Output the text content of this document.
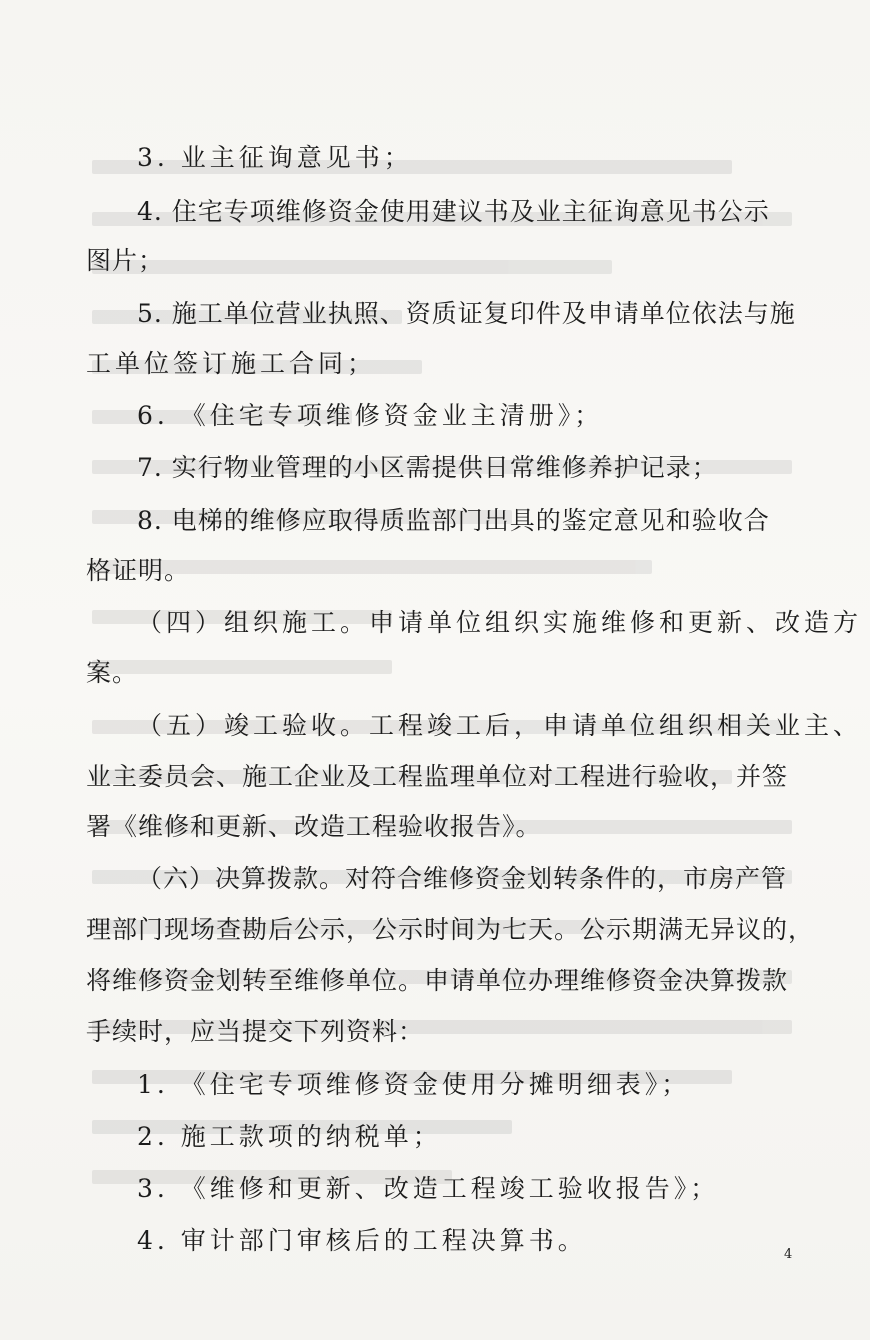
3. 业主征询意见书；
4. 住宅专项维修资金使用建议书及业主征询意见书公示
图片；
5. 施工单位营业执照、资质证复印件及申请单位依法与施
工单位签订施工合同；
6. 《住宅专项维修资金业主清册》；
7. 实行物业管理的小区需提供日常维修养护记录；
8. 电梯的维修应取得质监部门出具的鉴定意见和验收合
格证明。
（四）组织施工。申请单位组织实施维修和更新、改造方
案。
（五）竣工验收。工程竣工后，申请单位组织相关业主、
业主委员会、施工企业及工程监理单位对工程进行验收，并签
署《维修和更新、改造工程验收报告》。
（六）决算拨款。对符合维修资金划转条件的，市房产管
理部门现场查勘后公示，公示时间为七天。公示期满无异议的，
将维修资金划转至维修单位。申请单位办理维修资金决算拨款
手续时，应当提交下列资料：
1. 《住宅专项维修资金使用分摊明细表》；
2. 施工款项的纳税单；
3. 《维修和更新、改造工程竣工验收报告》；
4. 审计部门审核后的工程决算书。	4
